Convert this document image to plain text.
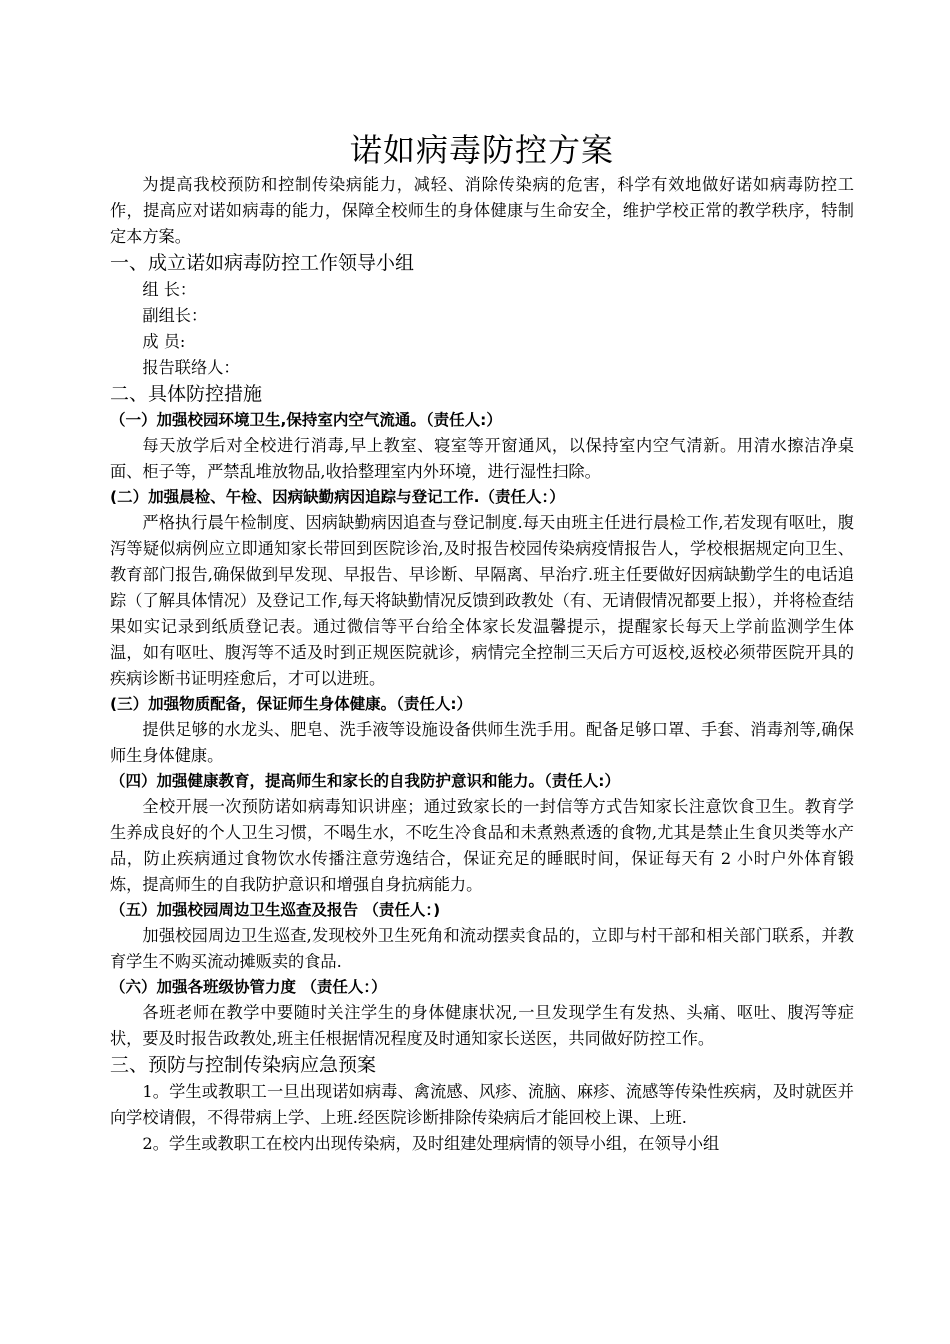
诺如病毒防控方案

为提高我校预防和控制传染病能力，减轻、消除传染病的危害，科学有效地做好诺如病毒防控工作，提高应对诺如病毒的能力，保障全校师生的身体健康与生命安全，维护学校正常的教学秩序，特制定本方案。

一、成立诺如病毒防控工作领导小组
组 长：
副组长：
成 员:
报告联络人：
二、具体防控措施
（一）加强校园环境卫生,保持室内空气流通。（责任人:）

每天放学后对全校进行消毒,早上教室、寝室等开窗通风，以保持室内空气清新。用清水擦洁净桌面、柜子等，严禁乱堆放物品,收拾整理室内外环境，进行湿性扫除。

(二）加强晨检、午检、因病缺勤病因追踪与登记工作.（责任人：）

严格执行晨午检制度、因病缺勤病因追查与登记制度.每天由班主任进行晨检工作,若发现有呕吐，腹泻等疑似病例应立即通知家长带回到医院诊治,及时报告校园传染病疫情报告人，学校根据规定向卫生、教育部门报告,确保做到早发现、早报告、早诊断、早隔离、早治疗.班主任要做好因病缺勤学生的电话追踪（了解具体情况）及登记工作,每天将缺勤情况反馈到政教处（有、无请假情况都要上报），并将检查结果如实记录到纸质登记表。通过微信等平台给全体家长发温馨提示，提醒家长每天上学前监测学生体温，如有呕吐、腹泻等不适及时到正规医院就诊，病情完全控制三天后方可返校,返校必须带医院开具的疾病诊断书证明痊愈后，才可以进班。

(三）加强物质配备，保证师生身体健康。（责任人:）

提供足够的水龙头、肥皂、洗手液等设施设备供师生洗手用。配备足够口罩、手套、消毒剂等,确保师生身体健康。

（四）加强健康教育，提高师生和家长的自我防护意识和能力。（责任人:）

全校开展一次预防诺如病毒知识讲座；通过致家长的一封信等方式告知家长注意饮食卫生。教育学生养成良好的个人卫生习惯，不喝生水，不吃生冷食品和未煮熟煮透的食物,尤其是禁止生食贝类等水产品，防止疾病通过食物饮水传播注意劳逸结合，保证充足的睡眠时间，保证每天有 2 小时户外体育锻炼，提高师生的自我防护意识和增强自身抗病能力。

（五）加强校园周边卫生巡查及报告 （责任人：)

加强校园周边卫生巡查,发现校外卫生死角和流动摆卖食品的，立即与村干部和相关部门联系，并教育学生不购买流动摊贩卖的食品.

（六）加强各班级协管力度 （责任人：）

各班老师在教学中要随时关注学生的身体健康状况,一旦发现学生有发热、头痛、呕吐、腹泻等症状，要及时报告政教处,班主任根据情况程度及时通知家长送医，共同做好防控工作。

三、预防与控制传染病应急预案

1。学生或教职工一旦出现诺如病毒、禽流感、风疹、流脑、麻疹、流感等传染性疾病，及时就医并向学校请假，不得带病上学、上班.经医院诊断排除传染病后才能回校上课、上班.

2。学生或教职工在校内出现传染病，及时组建处理病情的领导小组，在领导小组
